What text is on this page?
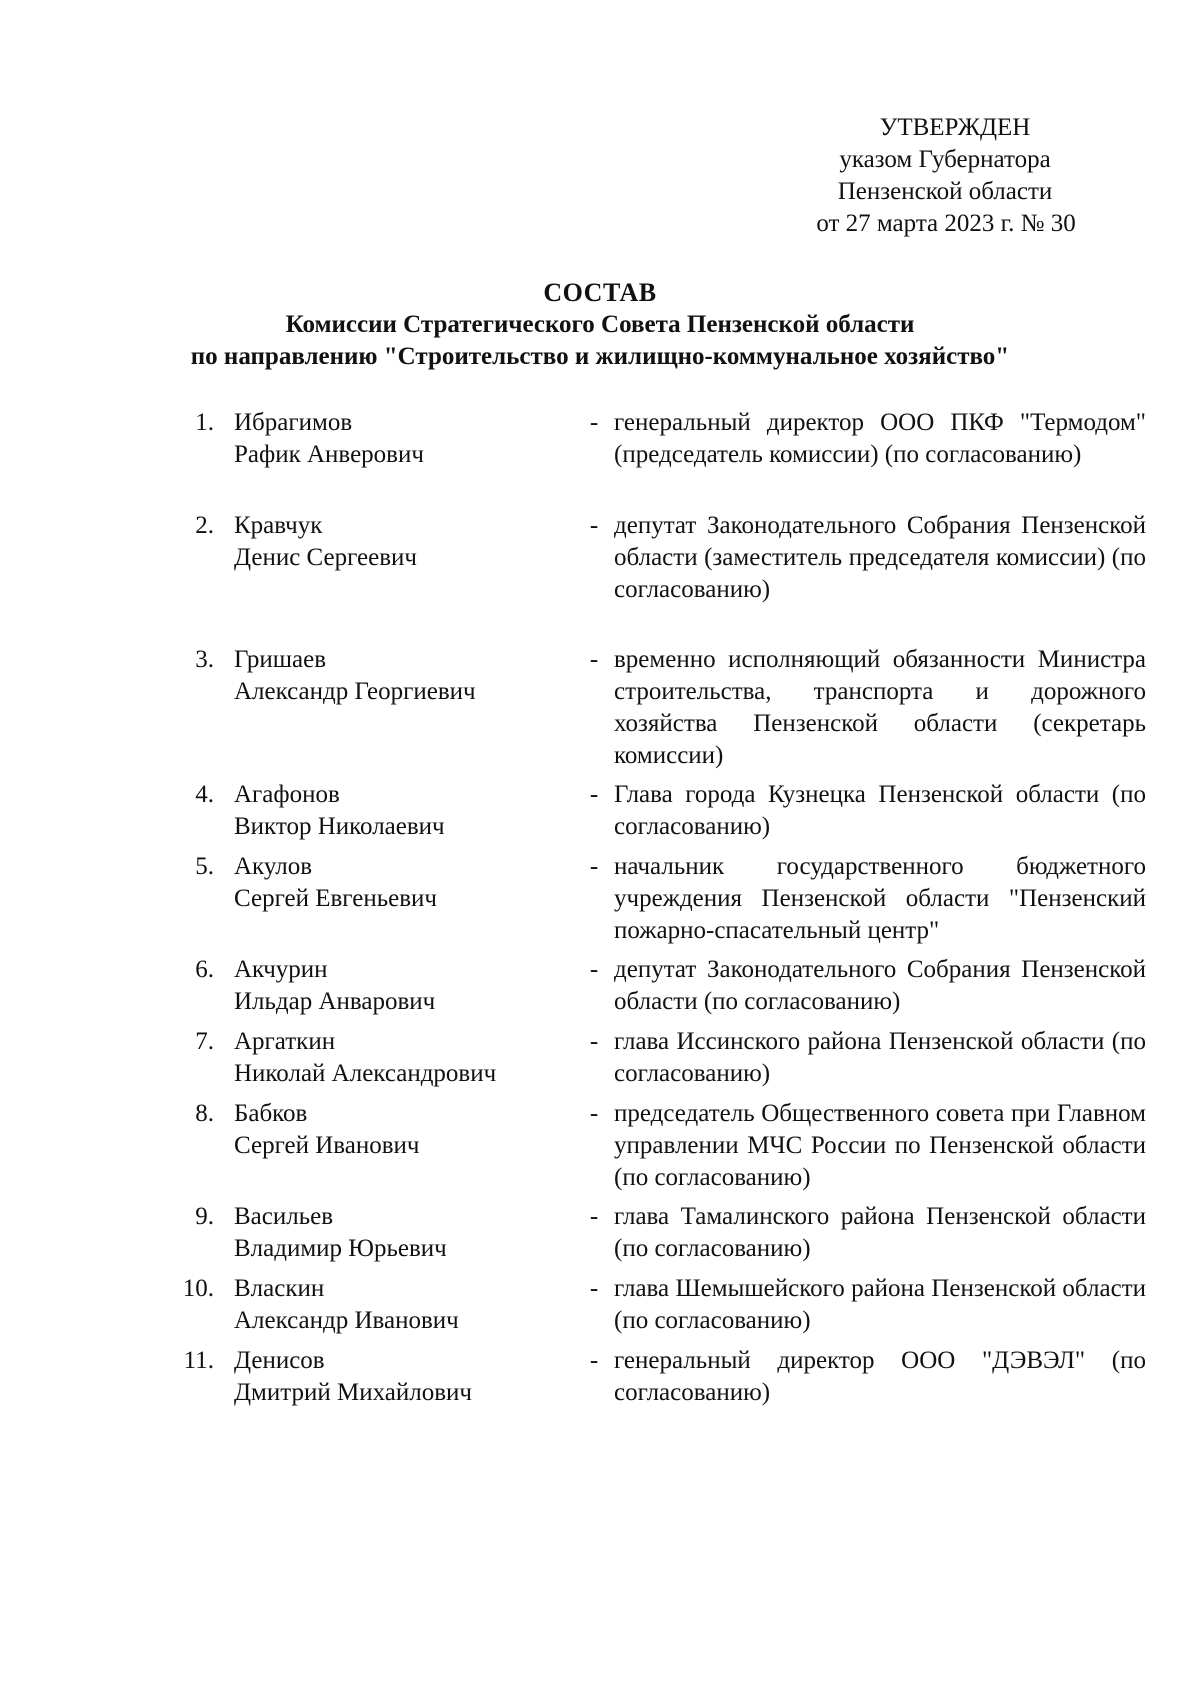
УТВЕРЖДЕН
указом Губернатора
Пензенской области
от 27 марта 2023 г. № 30
СОСТАВ
Комиссии Стратегического Совета Пензенской области
по направлению "Строительство и жилищно-коммунальное хозяйство"
1. Ибрагимов
Рафик Анверович
- генеральный директор ООО ПКФ "Термодом" (председатель комиссии) (по согласованию)
2. Кравчук
Денис Сергеевич
- депутат Законодательного Собрания Пензенской области (заместитель председателя комиссии) (по согласованию)
3. Гришаев
Александр Георгиевич
- временно исполняющий обязанности Министра строительства, транспорта и дорожного хозяйства Пензенской области (секретарь комиссии)
4. Агафонов
Виктор Николаевич
- Глава города Кузнецка Пензенской области (по согласованию)
5. Акулов
Сергей Евгеньевич
- начальник государственного бюджетного учреждения Пензенской области "Пензенский пожарно-спасательный центр"
6. Акчурин
Ильдар Анварович
- депутат Законодательного Собрания Пензенской области (по согласованию)
7. Аргаткин
Николай Александрович
- глава Иссинского района Пензенской области (по согласованию)
8. Бабков
Сергей Иванович
- председатель Общественного совета при Главном управлении МЧС России по Пензенской области (по согласованию)
9. Васильев
Владимир Юрьевич
- глава Тамалинского района Пензенской области (по согласованию)
10. Власкин
Александр Иванович
- глава Шемышейского района Пензенской области (по согласованию)
11. Денисов
Дмитрий Михайлович
- генеральный директор ООО "ДЭВЭЛ" (по согласованию)
